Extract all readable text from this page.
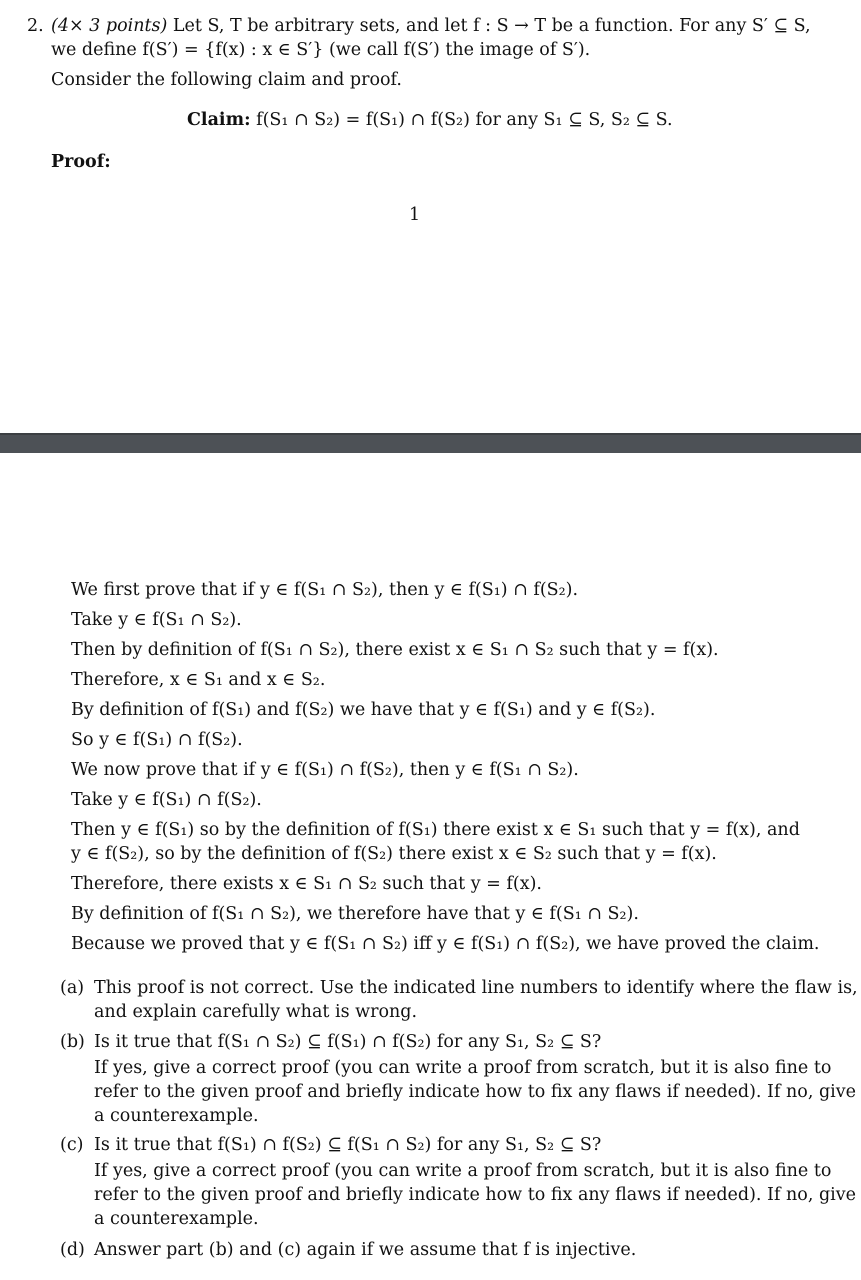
2. (4× 3 points) Let S, T be arbitrary sets, and let f : S → T be a function. For any S′ ⊆ S,
we define f(S′) = {f(x) : x ∈ S′} (we call f(S′) the image of S′).
Consider the following claim and proof.
Claim: f(S₁ ∩ S₂) = f(S₁) ∩ f(S₂) for any S₁ ⊆ S, S₂ ⊆ S.
Proof:
1
We first prove that if y ∈ f(S₁ ∩ S₂), then y ∈ f(S₁) ∩ f(S₂).
Take y ∈ f(S₁ ∩ S₂).
Then by definition of f(S₁ ∩ S₂), there exist x ∈ S₁ ∩ S₂ such that y = f(x).
Therefore, x ∈ S₁ and x ∈ S₂.
By definition of f(S₁) and f(S₂) we have that y ∈ f(S₁) and y ∈ f(S₂).
So y ∈ f(S₁) ∩ f(S₂).
We now prove that if y ∈ f(S₁) ∩ f(S₂), then y ∈ f(S₁ ∩ S₂).
Take y ∈ f(S₁) ∩ f(S₂).
Then y ∈ f(S₁) so by the definition of f(S₁) there exist x ∈ S₁ such that y = f(x), and
y ∈ f(S₂), so by the definition of f(S₂) there exist x ∈ S₂ such that y = f(x).
Therefore, there exists x ∈ S₁ ∩ S₂ such that y = f(x).
By definition of f(S₁ ∩ S₂), we therefore have that y ∈ f(S₁ ∩ S₂).
Because we proved that y ∈ f(S₁ ∩ S₂) iff y ∈ f(S₁) ∩ f(S₂), we have proved the claim.
(a) This proof is not correct. Use the indicated line numbers to identify where the flaw is,
and explain carefully what is wrong.
(b) Is it true that f(S₁ ∩ S₂) ⊆ f(S₁) ∩ f(S₂) for any S₁, S₂ ⊆ S?
If yes, give a correct proof (you can write a proof from scratch, but it is also fine to
refer to the given proof and briefly indicate how to fix any flaws if needed). If no, give
a counterexample.
(c) Is it true that f(S₁) ∩ f(S₂) ⊆ f(S₁ ∩ S₂) for any S₁, S₂ ⊆ S?
If yes, give a correct proof (you can write a proof from scratch, but it is also fine to
refer to the given proof and briefly indicate how to fix any flaws if needed). If no, give
a counterexample.
(d) Answer part (b) and (c) again if we assume that f is injective.
